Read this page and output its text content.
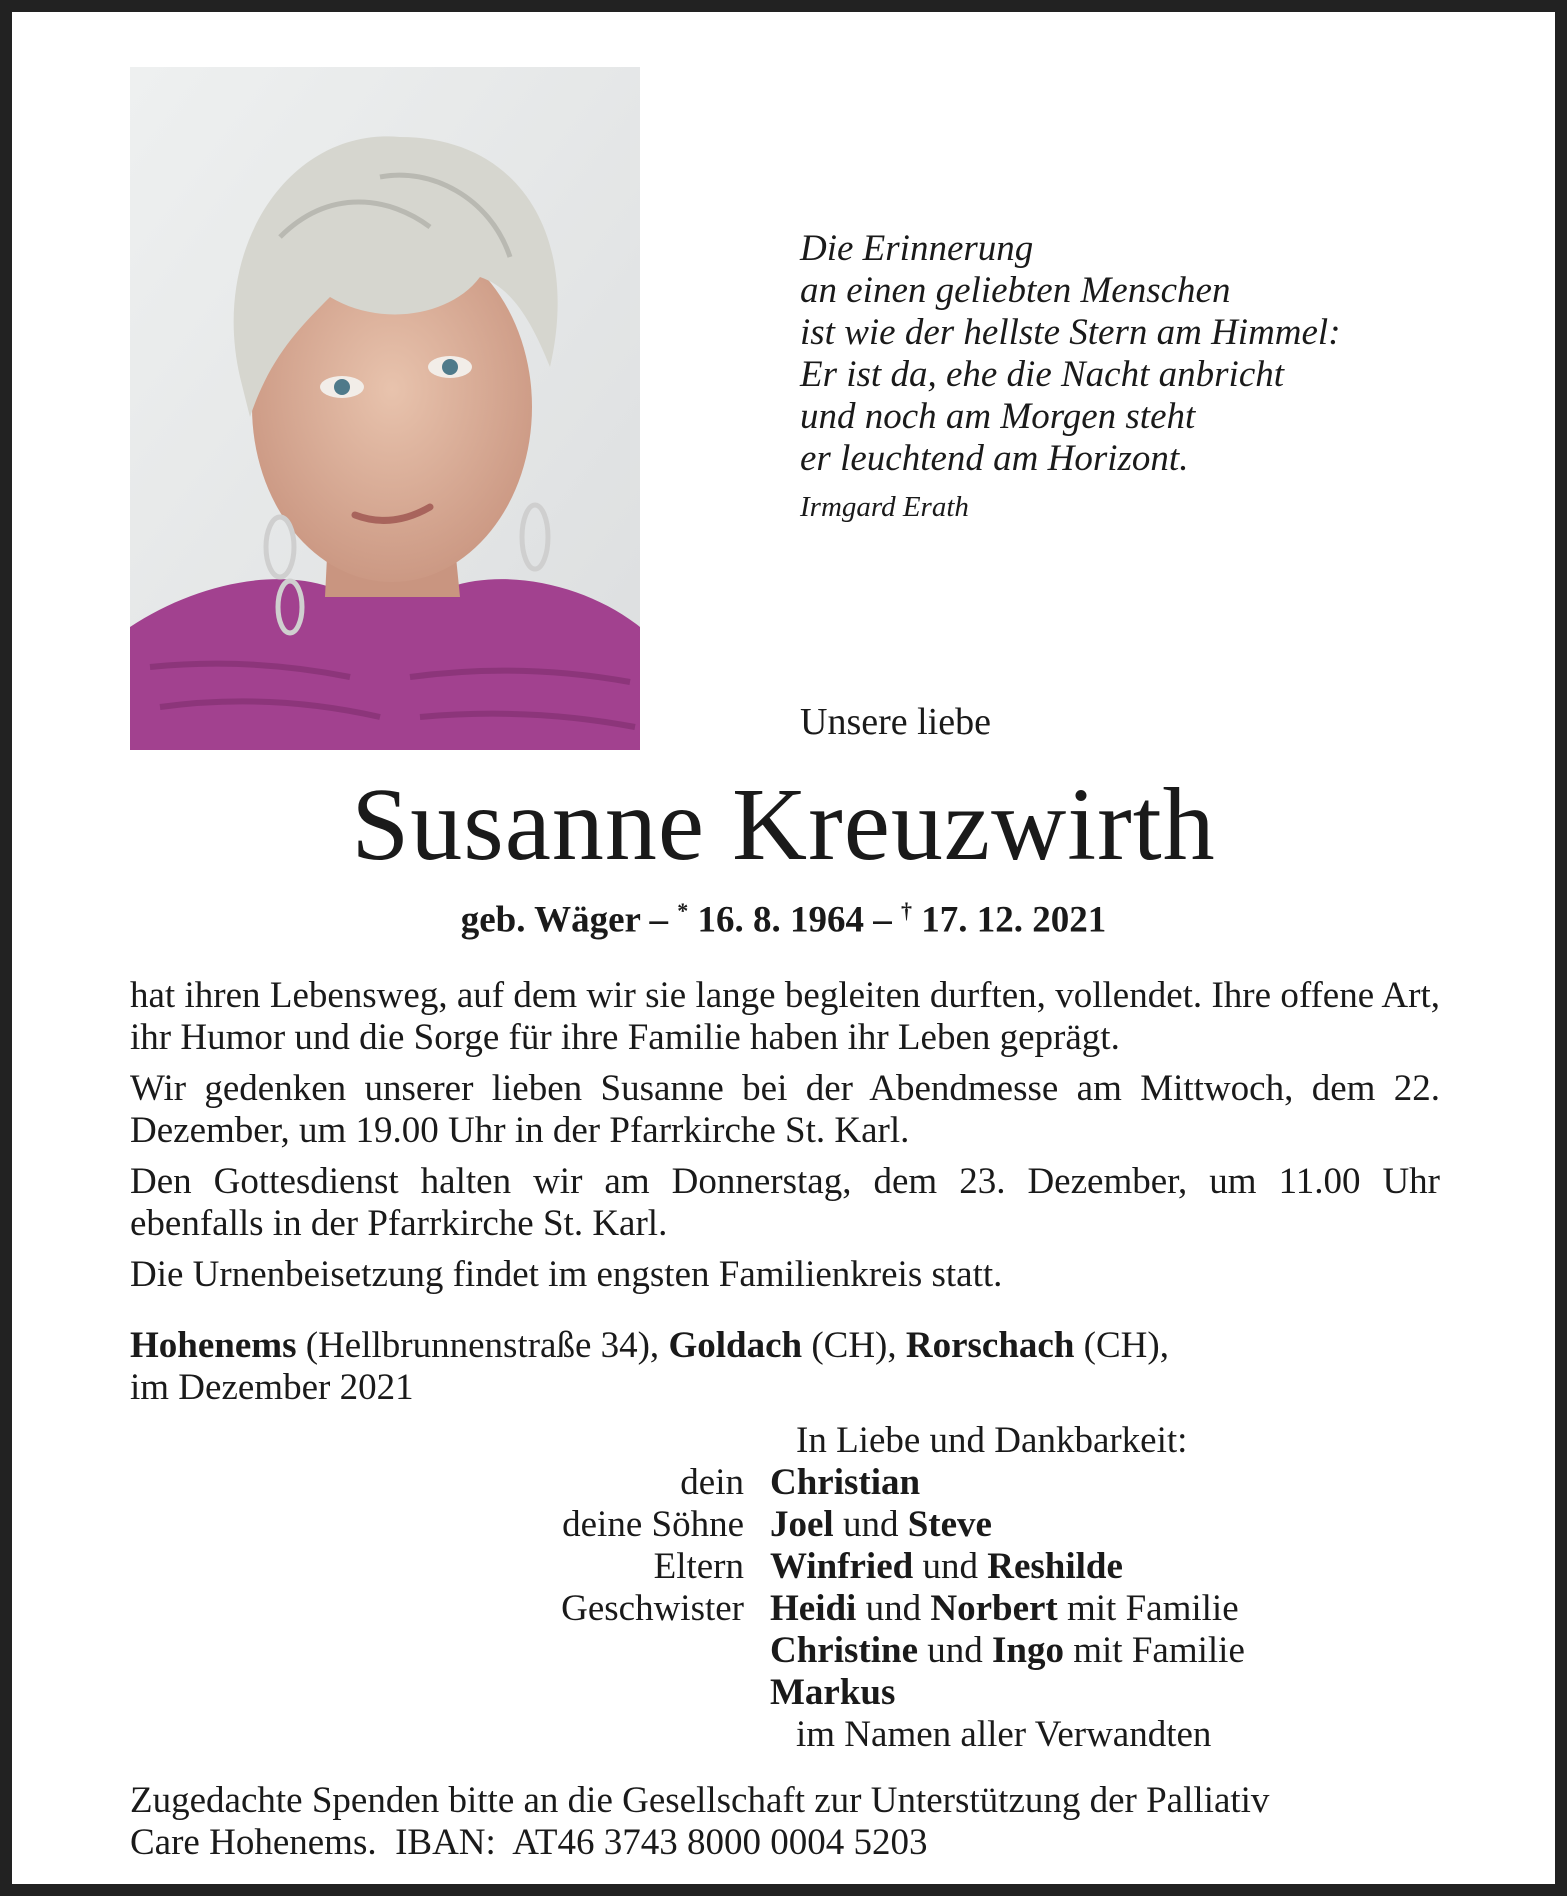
Die Erinnerung
an einen geliebten Menschen
ist wie der hellste Stern am Himmel:
Er ist da, ehe die Nacht anbricht
und noch am Morgen steht
er leuchtend am Horizont.
Irmgard Erath
Unsere liebe
Susanne Kreuzwirth
geb. Wäger – * 16. 8. 1964 – † 17. 12. 2021

hat ihren Lebensweg, auf dem wir sie lange begleiten durften, vollendet. Ihre offene Art, ihr Humor und die Sorge für ihre Familie haben ihr Leben geprägt.

Wir gedenken unserer lieben Susanne bei der Abendmesse am Mittwoch, dem 22. Dezember, um 19.00 Uhr in der Pfarrkirche St. Karl.

Den Gottesdienst halten wir am Donnerstag, dem 23. Dezember, um 11.00 Uhr ebenfalls in der Pfarrkirche St. Karl.

Die Urnenbeisetzung findet im engsten Familienkreis statt.

Hohenems (Hellbrunnenstraße 34), Goldach (CH), Rorschach (CH),
im Dezember 2021
In Liebe und Dankbarkeit:
dein Christian
deine Söhne Joel und Steve
Eltern Winfried und Reshilde
Geschwister Heidi und Norbert mit Familie
Christine und Ingo mit Familie
Markus
im Namen aller Verwandten
Zugedachte Spenden bitte an die Gesellschaft zur Unterstützung der Palliativ
Care Hohenems.  IBAN:  AT46 3743 8000 0004 5203
